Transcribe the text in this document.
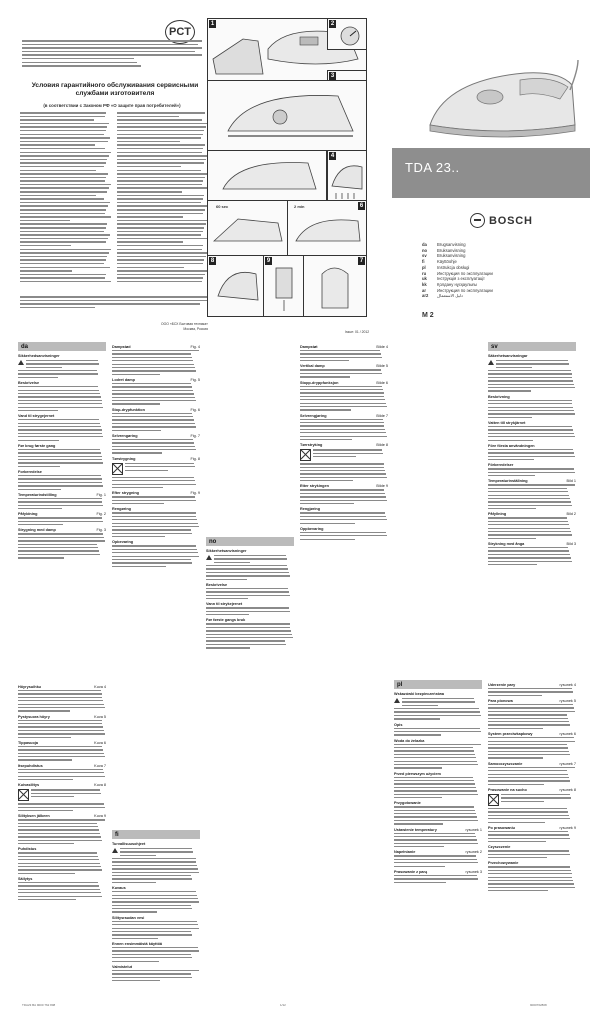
PCT
Условия гарантийного обслуживания сервисными службами изготовителя
(в соответствии с Законом РФ «О защите прав потребителей»)
ООО «БСХ Бытовая техника»
Москва, Россия
1	2
3
4
60 sec	6
2 min
8	9	7
Issue: 01 / 2012
TDA 23..
BOSCH
da	Brugsanvisning
no	Bruksanvisning
sv	Bruksanvisning
fi	Käyttöohje
pl	Instrukcja obsługi
ru	Инструкция по эксплуатации
uk	Інструкція з експлуатації
kk	Қолдану нұсқаулығы
ar	Инструкция по эксплуатации
ar2	دليل الاستعمال
M 2
da
Sikkerhedsanvisninger
Beskrivelse
Vand til strygejernet
Før brug første gang
Forberedelse
Temperaturindstilling	Fig. 1
Påfyldning	Fig. 2
Strygning med damp	Fig. 3
Dampstød	Fig. 4
Lodret damp	Fig. 5
Stop-drypfunktion	Fig. 6
Selvrengøring	Fig. 7
Tørstrygning	Fig. 8
Efter strygning	Fig. 9
Rengøring
Opbevaring	no
Sikkerhetsanvisninger
Beskrivelse
Vann til strykejernet
Før første gangs bruk
Dampstøt	Bilde 4
Vertikal damp	Bilde 5
Stopp-dryppfunksjon	Bilde 6
Selvrengjøring	Bilde 7
Tørrstryking	Bilde 8
Etter strykingen	Bilde 9
Rengjøring
Oppbevaring
sv
Säkerhetsanvisningar
Beskrivning
Vatten till strykjärnet
Före första användningen
Förberedelser
Temperaturinställning	Bild 1
Påfyllning	Bild 2
Strykning med ånga	Bild 3
fi
Turvallisuusohjeet
Kuvaus
Silitysraudan vesi
Ennen ensimmäistä käyttöä
Valmistelut
Höyrysuihku	Kuva 4
Pystysuora höyry	Kuva 5
Tippasuoja	Kuva 6
Itsepuhdistus	Kuva 7
Kuivasilitys	Kuva 8
Silityksen jälkeen	Kuva 9
Puhdistus
Säilytys
pl
Wskazówki bezpieczeństwa
Opis
Woda do żelazka
Przed pierwszym użyciem
Przygotowanie
Ustawienie temperatury	rysunek 1
Napełnianie	rysunek 2
Prasowanie z parą	rysunek 3
Uderzenie pary	rysunek 4
Para pionowa	rysunek 5
System przeciwkapkowy	rysunek 6
Samooczyszczanie	rysunek 7
Prasowanie na sucho	rysunek 8
Po prasowaniu	rysunek 9
Czyszczenie
Przechowywanie
TDA23 BA 9000 762 808	1/12	9000762808
